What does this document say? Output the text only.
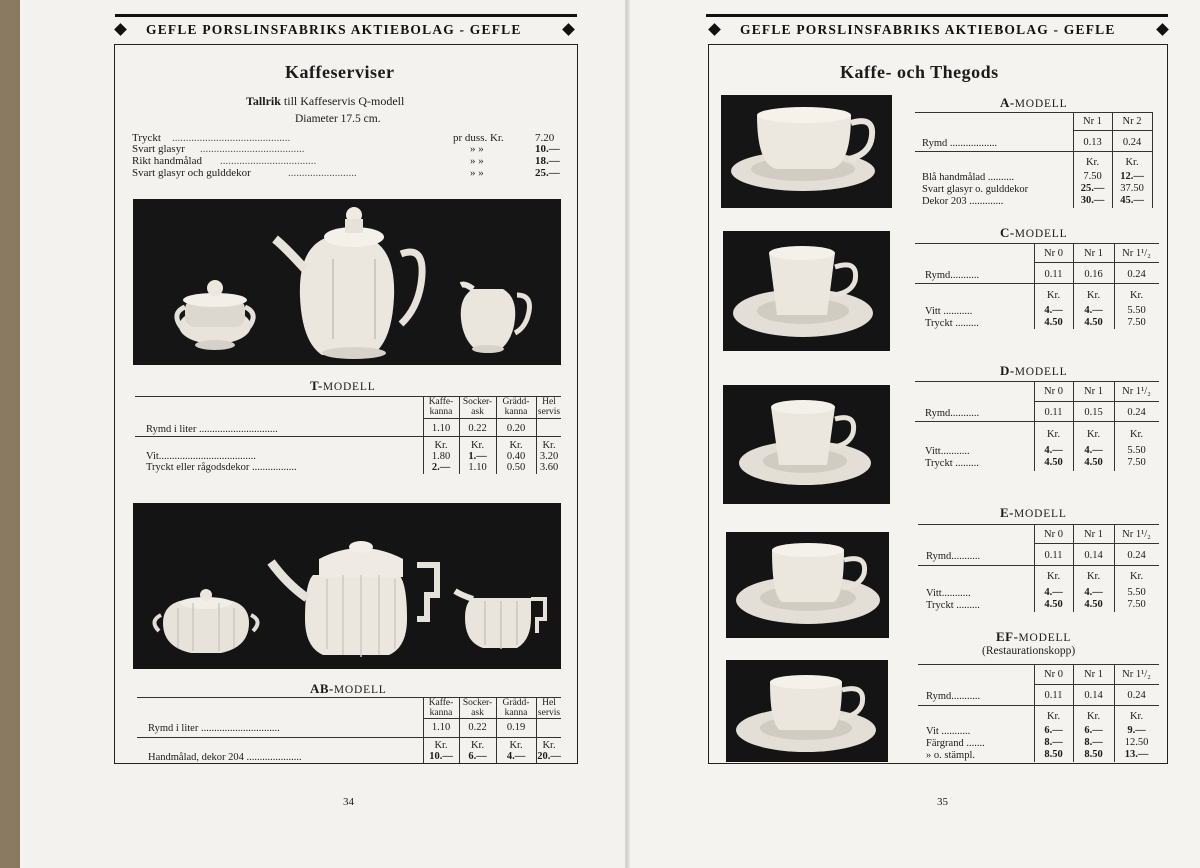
GEFLE PORSLINSFABRIKS AKTIEBOLAG - GEFLE
Kaffeserviser
Tallrik till Kaffeservis Q-modell
Diameter 17.5 cm.
Tryckt ...........................................	pr duss. Kr.	7.20
Svart glasyr ......................................	» »	10.—
Rikt handmålad ...................................	» »	18.—
Svart glasyr och gulddekor	.........................	» »	25.—
T-MODELL
Kaffe-
kanna
Socker-
ask
Grädd-
kanna
Hel
servis
Rymd i liter ..............................	1.10	0.22	0.20
Kr.	Kr.	Kr.	Kr.
Vit.....................................	1.80	1.—	0.40	3.20
Tryckt eller rågodsdekor .................	2.—	1.10	0.50	3.60
AB-MODELL
Kaffe-
kanna
Socker-
ask
Grädd-
kanna
Hel
servis
Rymd i liter ..............................	1.10	0.22	0.19
Kr.	Kr.	Kr.	Kr.
Handmålad, dekor 204 .....................	10.—	6.—	4.—	20.—
34
GEFLE PORSLINSFABRIKS AKTIEBOLAG - GEFLE
Kaffe- och Thegods
A-MODELL
Nr 1	Nr 2
Rymd ..................	0.13	0.24
Kr.	Kr.
Blå handmålad ..........	7.50	12.—
Svart glasyr o. gulddekor	25.—	37.50
Dekor 203 .............	30.—	45.—
C-MODELL
Nr 0	Nr 1	Nr 1¹/₂
Rymd...........	0.11	0.16	0.24
Kr.	Kr.	Kr.
Vitt ...........	4.—	4.—	5.50
Tryckt .........	4.50	4.50	7.50
D-MODELL
Nr 0	Nr 1	Nr 1¹/₂
Rymd...........	0.11	0.15	0.24
Kr.	Kr.	Kr.
Vitt...........	4.—	4.—	5.50
Tryckt .........	4.50	4.50	7.50
E-MODELL
Nr 0	Nr 1	Nr 1¹/₂
Rymd...........	0.11	0.14	0.24
Kr.	Kr.	Kr.
Vitt...........	4.—	4.—	5.50
Tryckt .........	4.50	4.50	7.50
EF-MODELL
(Restaurationskopp)
Nr 0	Nr 1	Nr 1¹/₂
Rymd...........	0.11	0.14	0.24
Kr.	Kr.	Kr.
Vit ...........	6.—	6.—	9.—
Färgrand .......	8.—	8.—	12.50
» o. stämpl.	8.50	8.50	13.—
35
